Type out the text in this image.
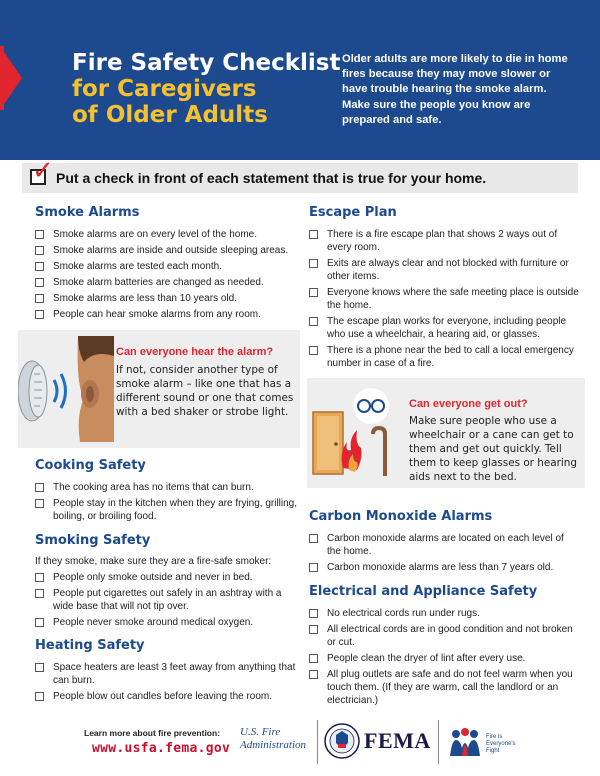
Fire Safety Checklist
for Caregivers
of Older Adults

Older adults are more likely to die in home fires because they may move slower or have trouble hearing the smoke alarm. Make sure the people you know are prepared and safe.

✓ Put a check in front of each statement that is true for your home.
Smoke Alarms
Smoke alarms are on every level of the home.
Smoke alarms are inside and outside sleeping areas.
Smoke alarms are tested each month.
Smoke alarm batteries are changed as needed.
Smoke alarms are less than 10 years old.
People can hear smoke alarms from any room.
Can everyone hear the alarm?
If not, consider another type of smoke alarm – like one that has a different sound or one that comes with a bed shaker or strobe light.
Cooking Safety
The cooking area has no items that can burn.
People stay in the kitchen when they are frying, grilling, boiling, or broiling food.
Smoking Safety

If they smoke, make sure they are a fire-safe smoker:

People only smoke outside and never in bed.
People put cigarettes out safely in an ashtray with a wide base that will not tip over.
People never smoke around medical oxygen.
Heating Safety
Space heaters are least 3 feet away from anything that can burn.
People blow out candles before leaving the room.
Escape Plan
There is a fire escape plan that shows 2 ways out of every room.
Exits are always clear and not blocked with furniture or other items.
Everyone knows where the safe meeting place is outside the home.
The escape plan works for everyone, including people who use a wheelchair, a hearing aid, or glasses.
There is a phone near the bed to call a local emergency number in case of a fire.
Can everyone get out?
Make sure people who use a wheelchair or a cane can get to them and get out quickly. Tell them to keep glasses or hearing aids next to the bed.
Carbon Monoxide Alarms
Carbon monoxide alarms are located on each level of the home.
Carbon monoxide alarms are less than 7 years old.
Electrical and Appliance Safety
No electrical cords run under rugs.
All electrical cords are in good condition and not broken or cut.
People clean the dryer of lint after every use.
All plug outlets are safe and do not feel warm when you touch them. (If they are warm, call the landlord or an electrician.)
Learn more about fire prevention:
www.usfa.fema.gov
U.S. Fire
Administration	FEMA	Fire is
Everyone's
Fight
